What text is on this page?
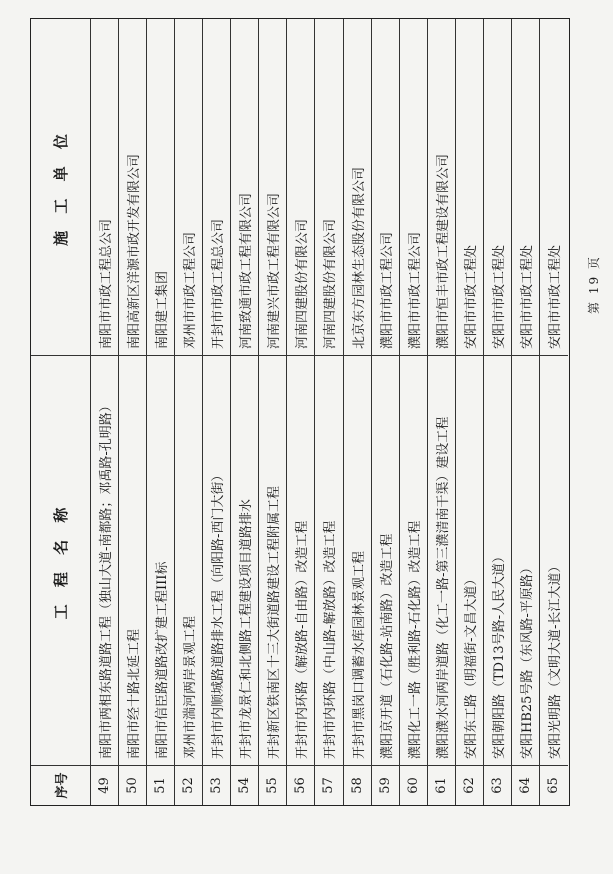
序号
工 程 名 称
施 工 单 位
49
南阳市两相东路道路工程（独山大道-南都路；邓禹路-孔明路）
南阳市市政工程总公司
50
南阳市经十路北延工程
南阳高新区洋源市政开发有限公司
51
南阳市信臣路道路改扩建工程III标
南阳建工集团
52
邓州市湍河两岸景观工程
邓州市市政工程公司
53
开封市内顺城路道路排水工程（向阳路-西门大街）
开封市市政工程总公司
54
开封市龙景仁和北侧路工程建设项目道路排水
河南致通市政工程有限公司
55
开封新区铁南区十三大街道路建设工程附属工程
河南建兴市政工程有限公司
56
开封市内环路（解放路-自由路）改造工程
河南四建股份有限公司
57
开封市内环路（中山路-解放路）改造工程
河南四建股份有限公司
58
开封市黑岗口调蓄水库园林景观工程
北京东方园林生态股份有限公司
59
濮阳京开道（石化路-站南路）改造工程
濮阳市市政工程公司
60
濮阳化工一路（胜利路-石化路）改造工程
濮阳市市政工程公司
61
濮阳濮水河两岸道路（化工一路-第三濮清南干渠）建设工程
濮阳市恒丰市政工程建设有限公司
62
安阳东工路（明福街-文昌大道）
安阳市市政工程处
63
安阳朝阳路（TD13号路-人民大道）
安阳市市政工程处
64
安阳HB25号路（东风路-平原路）
安阳市市政工程处
65
安阳光明路（文明大道-长江大道）
安阳市市政工程处	第 19 页
